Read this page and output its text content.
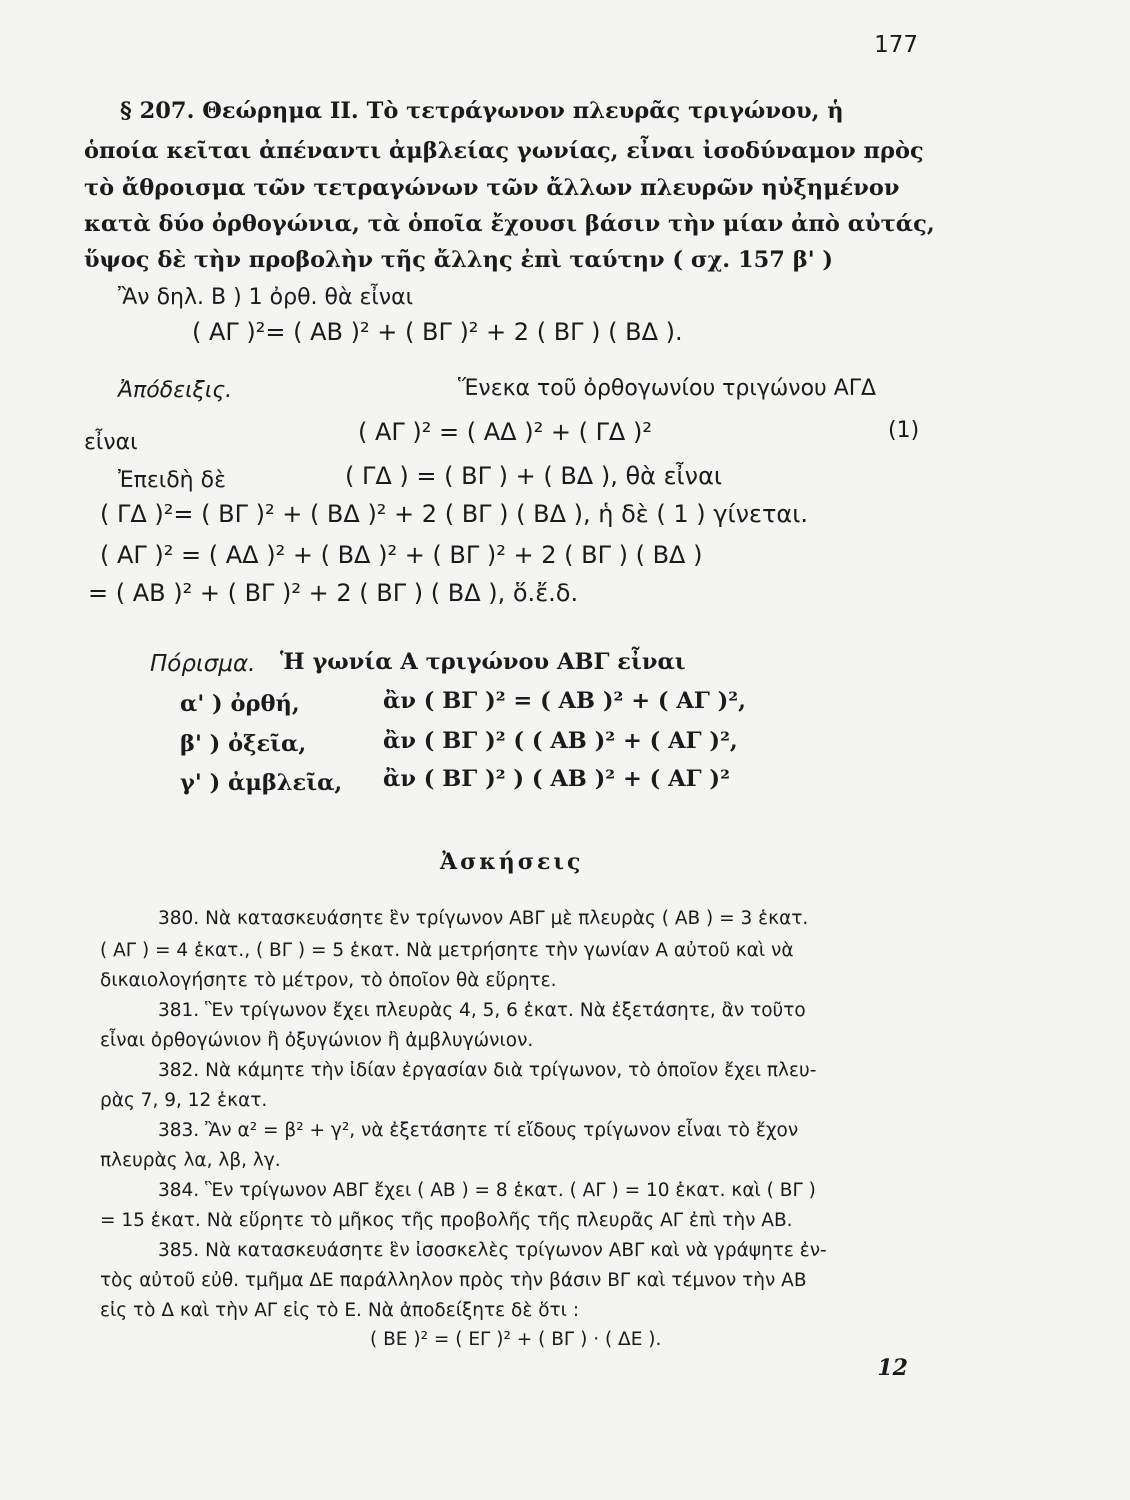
177
§ 207. Θεώρημα II. Τὸ τετράγωνον πλευρᾶς τριγώνου, ἡ
ὁποία κεῖται ἀπέναντι ἀμβλείας γωνίας, εἶναι ἰσοδύναμον πρὸς
τὸ ἄθροισμα τῶν τετραγώνων τῶν ἄλλων πλευρῶν ηὐξημένον
κατὰ δύο ὀρθογώνια, τὰ ὁποῖα ἔχουσι βάσιν τὴν μίαν ἀπὸ αὐτάς,
ὕψος δὲ τὴν προβολὴν τῆς ἄλλης ἐπὶ ταύτην ( σχ. 157 β' )
Ἂν δηλ. Β ) 1 ὀρθ. θὰ εἶναι
( ΑΓ )²= ( ΑΒ )² + ( ΒΓ )² + 2 ( ΒΓ ) ( ΒΔ ).
Ἀπόδειξις.	Ἕνεκα τοῦ ὀρθογωνίου τριγώνου ΑΓΔ
εἶναι	( ΑΓ )² = ( ΑΔ )² + ( ΓΔ )²	(1)
Ἐπειδὴ δὲ	( ΓΔ ) = ( ΒΓ ) + ( ΒΔ ), θὰ εἶναι
( ΓΔ )²= ( ΒΓ )² + ( ΒΔ )² + 2 ( ΒΓ ) ( ΒΔ ), ἡ δὲ ( 1 ) γίνεται.
( ΑΓ )² = ( ΑΔ )² + ( ΒΔ )² + ( ΒΓ )² + 2 ( ΒΓ ) ( ΒΔ )
= ( ΑΒ )² + ( ΒΓ )² + 2 ( ΒΓ ) ( ΒΔ ), ὅ.ἔ.δ.
Πόρισμα. Ἡ γωνία Α τριγώνου ΑΒΓ εἶναι
α' ) ὀρθή,	ἂν ( ΒΓ )² = ( ΑΒ )² + ( ΑΓ )²,
β' ) ὀξεῖα,	ἂν ( ΒΓ )² ( ( ΑΒ )² + ( ΑΓ )²,
γ' ) ἀμβλεῖα, ἂν ( ΒΓ )² ) ( ΑΒ )² + ( ΑΓ )²
Ἀσκήσεις
380. Νὰ κατασκευάσητε ἓν τρίγωνον ΑΒΓ μὲ πλευρὰς ( ΑΒ ) = 3 ἑκατ.
( ΑΓ ) = 4 ἑκατ., ( ΒΓ ) = 5 ἑκατ. Νὰ μετρήσητε τὴν γωνίαν Α αὐτοῦ καὶ νὰ
δικαιολογήσητε τὸ μέτρον, τὸ ὁποῖον θὰ εὕρητε.
381. Ἓν τρίγωνον ἔχει πλευρὰς 4, 5, 6 ἑκατ. Νὰ ἐξετάσητε, ἂν τοῦτο
εἶναι ὀρθογώνιον ἢ ὀξυγώνιον ἢ ἀμβλυγώνιον.
382. Νὰ κάμητε τὴν ἰδίαν ἐργασίαν διὰ τρίγωνον, τὸ ὁποῖον ἔχει πλευ-
ρὰς 7, 9, 12 ἑκατ.
383. Ἂν α² = β² + γ², νὰ ἐξετάσητε τί εἴδους τρίγωνον εἶναι τὸ ἔχον
πλευρὰς λα, λβ, λγ.
384. Ἓν τρίγωνον ΑΒΓ ἔχει ( ΑΒ ) = 8 ἑκατ. ( ΑΓ ) = 10 ἑκατ. καὶ ( ΒΓ )
= 15 ἑκατ. Νὰ εὕρητε τὸ μῆκος τῆς προβολῆς τῆς πλευρᾶς ΑΓ ἐπὶ τὴν ΑΒ.
385. Νὰ κατασκευάσητε ἓν ἰσοσκελὲς τρίγωνον ΑΒΓ καὶ νὰ γράψητε ἐν-
τὸς αὐτοῦ εὐθ. τμῆμα ΔΕ παράλληλον πρὸς τὴν βάσιν ΒΓ καὶ τέμνον τὴν ΑΒ
εἰς τὸ Δ καὶ τὴν ΑΓ εἰς τὸ Ε. Νὰ ἀποδείξητε δὲ ὅτι :
( ΒΕ )² = ( ΕΓ )² + ( ΒΓ ) · ( ΔΕ ).
12
